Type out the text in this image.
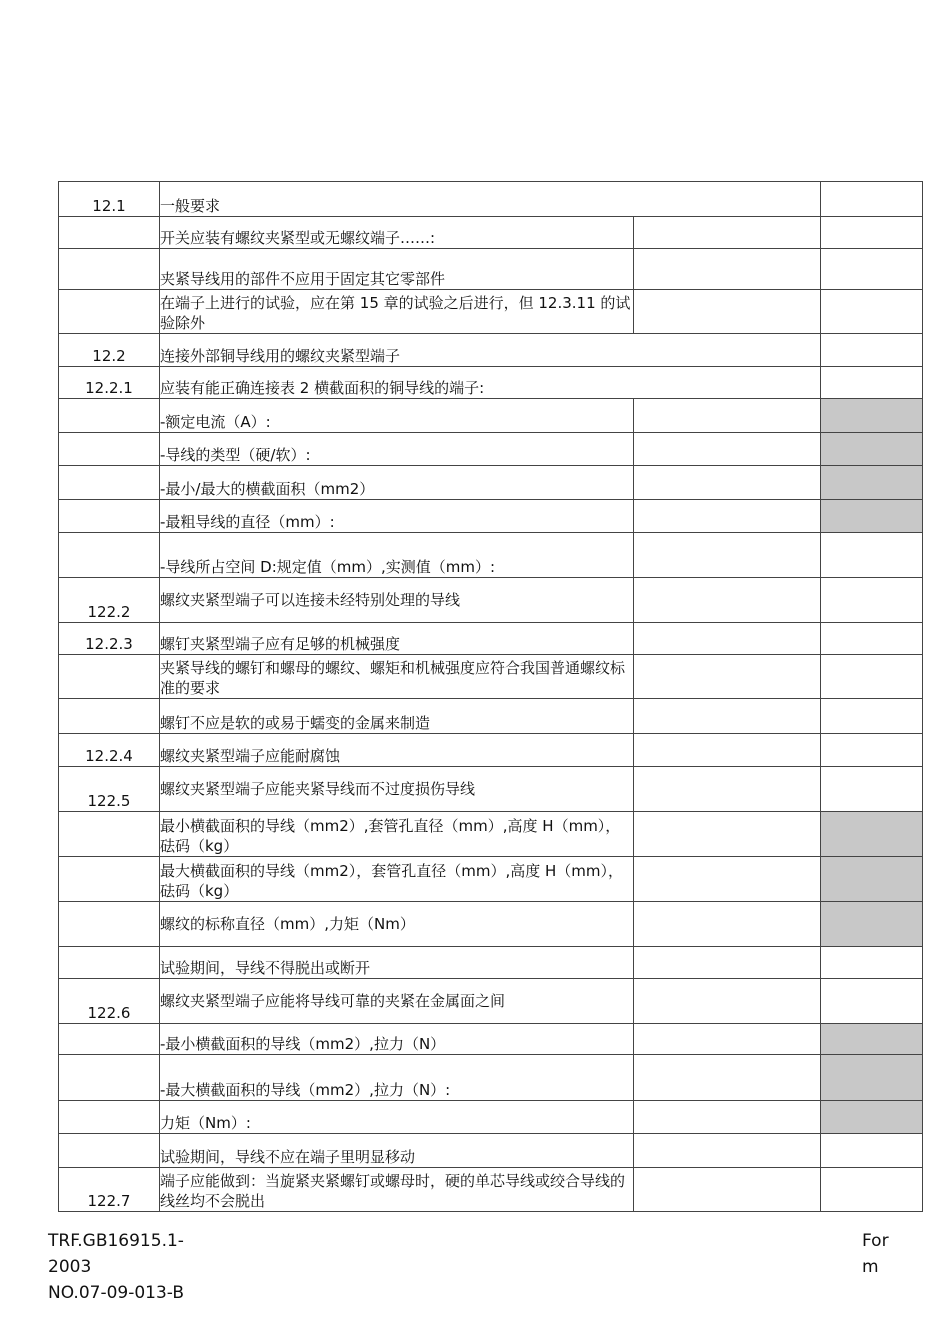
12.1	一般要求		
	开关应装有螺纹夹紧型或无螺纹端子……:		
	夹紧导线用的部件不应用于固定其它零部件		
	在端子上进行的试验，应在第 15 章的试验之后进行，但 12.3.11 的试验除外		
12.2	连接外部铜导线用的螺纹夹紧型端子		
12.2.1	应装有能正确连接表 2 横截面积的铜导线的端子:		
	-额定电流（A）:		
	-导线的类型（硬/软）:		
	-最小/最大的横截面积（mm2）		
	-最粗导线的直径（mm）:		
	-导线所占空间 D:规定值（mm）,实测值（mm）:		
122.2	螺纹夹紧型端子可以连接未经特别处理的导线		
12.2.3	螺钉夹紧型端子应有足够的机械强度		
	夹紧导线的螺钉和螺母的螺纹、螺矩和机械强度应符合我国普通螺纹标准的要求		
	螺钉不应是软的或易于蠕变的金属来制造		
12.2.4	螺纹夹紧型端子应能耐腐蚀		
122.5	螺纹夹紧型端子应能夹紧导线而不过度损伤导线		
	最小横截面积的导线（mm2）,套管孔直径（mm）,高度 H（mm），砝码（kg）		
	最大横截面积的导线（mm2），套管孔直径（mm）,高度 H（mm），砝码（kg）		
	螺纹的标称直径（mm）,力矩（Nm）		
	试验期间，导线不得脱出或断开		
122.6	螺纹夹紧型端子应能将导线可靠的夹紧在金属面之间		
	-最小横截面积的导线（mm2）,拉力（N）		
	-最大横截面积的导线（mm2）,拉力（N）:		
	力矩（Nm）:		
	试验期间，导线不应在端子里明显移动		
122.7	端子应能做到：当旋紧夹紧螺钉或螺母时，硬的单芯导线或绞合导线的线丝均不会脱出		
TRF.GB16915.1-
2003
NO.07-09-013-B
For
m
